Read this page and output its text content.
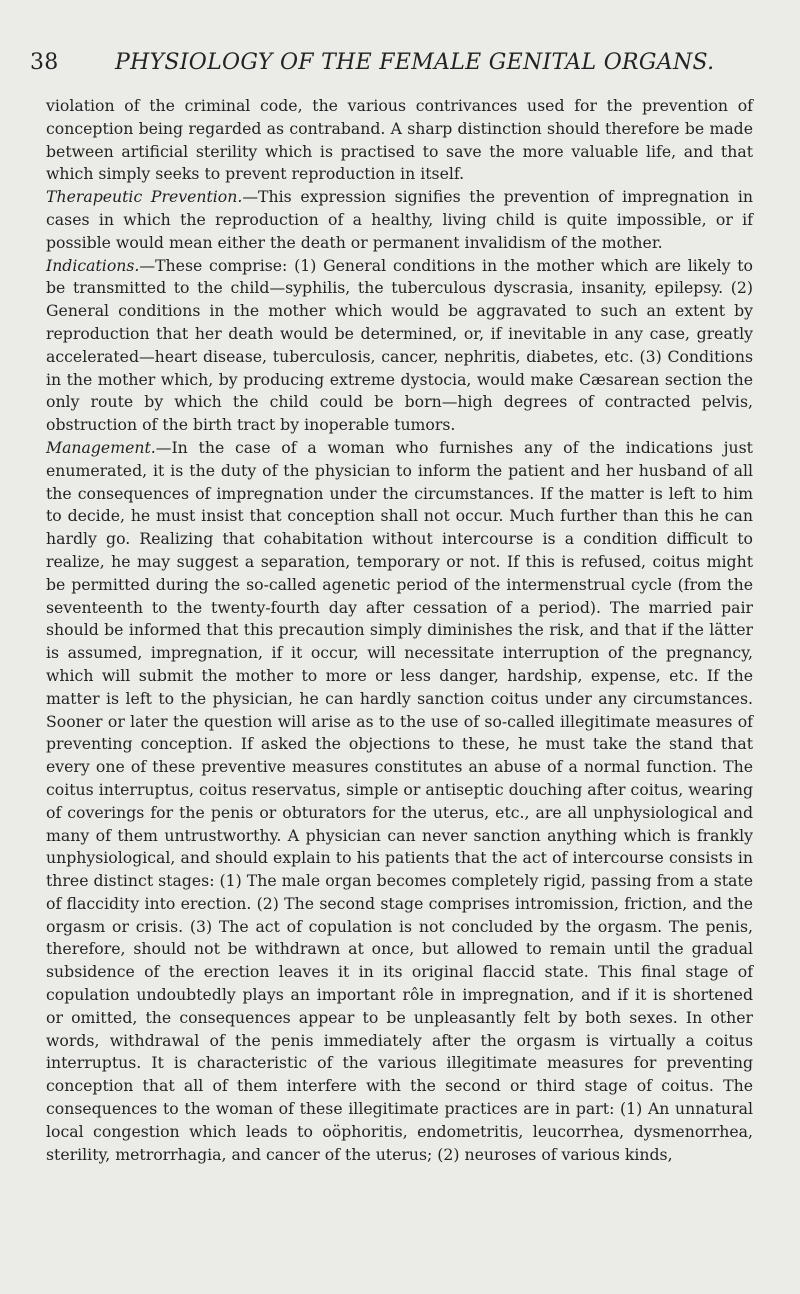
38	PHYSIOLOGY OF THE FEMALE GENITAL ORGANS.

violation of the criminal code, the various contrivances used for the prevention of conception being regarded as contraband. A sharp distinction should therefore be made between artificial sterility which is practised to save the more valuable life, and that which simply seeks to prevent reproduction in itself.

Therapeutic Prevention.—This expression signifies the prevention of impregnation in cases in which the reproduction of a healthy, living child is quite impossible, or if possible would mean either the death or permanent invalidism of the mother.

Indications.—These comprise: (1) General conditions in the mother which are likely to be transmitted to the child—syphilis, the tuberculous dyscrasia, insanity, epilepsy. (2) General conditions in the mother which would be aggravated to such an extent by reproduction that her death would be determined, or, if inevitable in any case, greatly accelerated—heart disease, tuberculosis, cancer, nephritis, diabetes, etc. (3) Conditions in the mother which, by producing extreme dystocia, would make Cæsarean section the only route by which the child could be born—high degrees of contracted pelvis, obstruction of the birth tract by inoperable tumors.

Management.—In the case of a woman who furnishes any of the indications just enumerated, it is the duty of the physician to inform the patient and her husband of all the consequences of impregnation under the circumstances. If the matter is left to him to decide, he must insist that conception shall not occur. Much further than this he can hardly go. Realizing that cohabitation without intercourse is a condition difficult to realize, he may suggest a separation, temporary or not. If this is refused, coitus might be permitted during the so-called agenetic period of the intermenstrual cycle (from the seventeenth to the twenty-fourth day after cessation of a period). The married pair should be informed that this precaution simply diminishes the risk, and that if the lätter is assumed, impregnation, if it occur, will necessitate interruption of the pregnancy, which will submit the mother to more or less danger, hardship, expense, etc. If the matter is left to the physician, he can hardly sanction coitus under any circumstances. Sooner or later the question will arise as to the use of so-called illegitimate measures of preventing conception. If asked the objections to these, he must take the stand that every one of these preventive measures constitutes an abuse of a normal function. The coitus interruptus, coitus reservatus, simple or antiseptic douching after coitus, wearing of coverings for the penis or obturators for the uterus, etc., are all unphysiological and many of them untrustworthy. A physician can never sanction anything which is frankly unphysiological, and should explain to his patients that the act of intercourse consists in three distinct stages: (1) The male organ becomes completely rigid, passing from a state of flaccidity into erection. (2) The second stage comprises intromission, friction, and the orgasm or crisis. (3) The act of copulation is not concluded by the orgasm. The penis, therefore, should not be withdrawn at once, but allowed to remain until the gradual subsidence of the erection leaves it in its original flaccid state. This final stage of copulation undoubtedly plays an important rôle in impregnation, and if it is shortened or omitted, the consequences appear to be unpleasantly felt by both sexes. In other words, withdrawal of the penis immediately after the orgasm is virtually a coitus interruptus. It is characteristic of the various illegitimate measures for preventing conception that all of them interfere with the second or third stage of coitus. The consequences to the woman of these illegitimate practices are in part: (1) An unnatural local congestion which leads to oöphoritis, endometritis, leucorrhea, dysmenorrhea, sterility, metrorrhagia, and cancer of the uterus; (2) neuroses of various kinds,
